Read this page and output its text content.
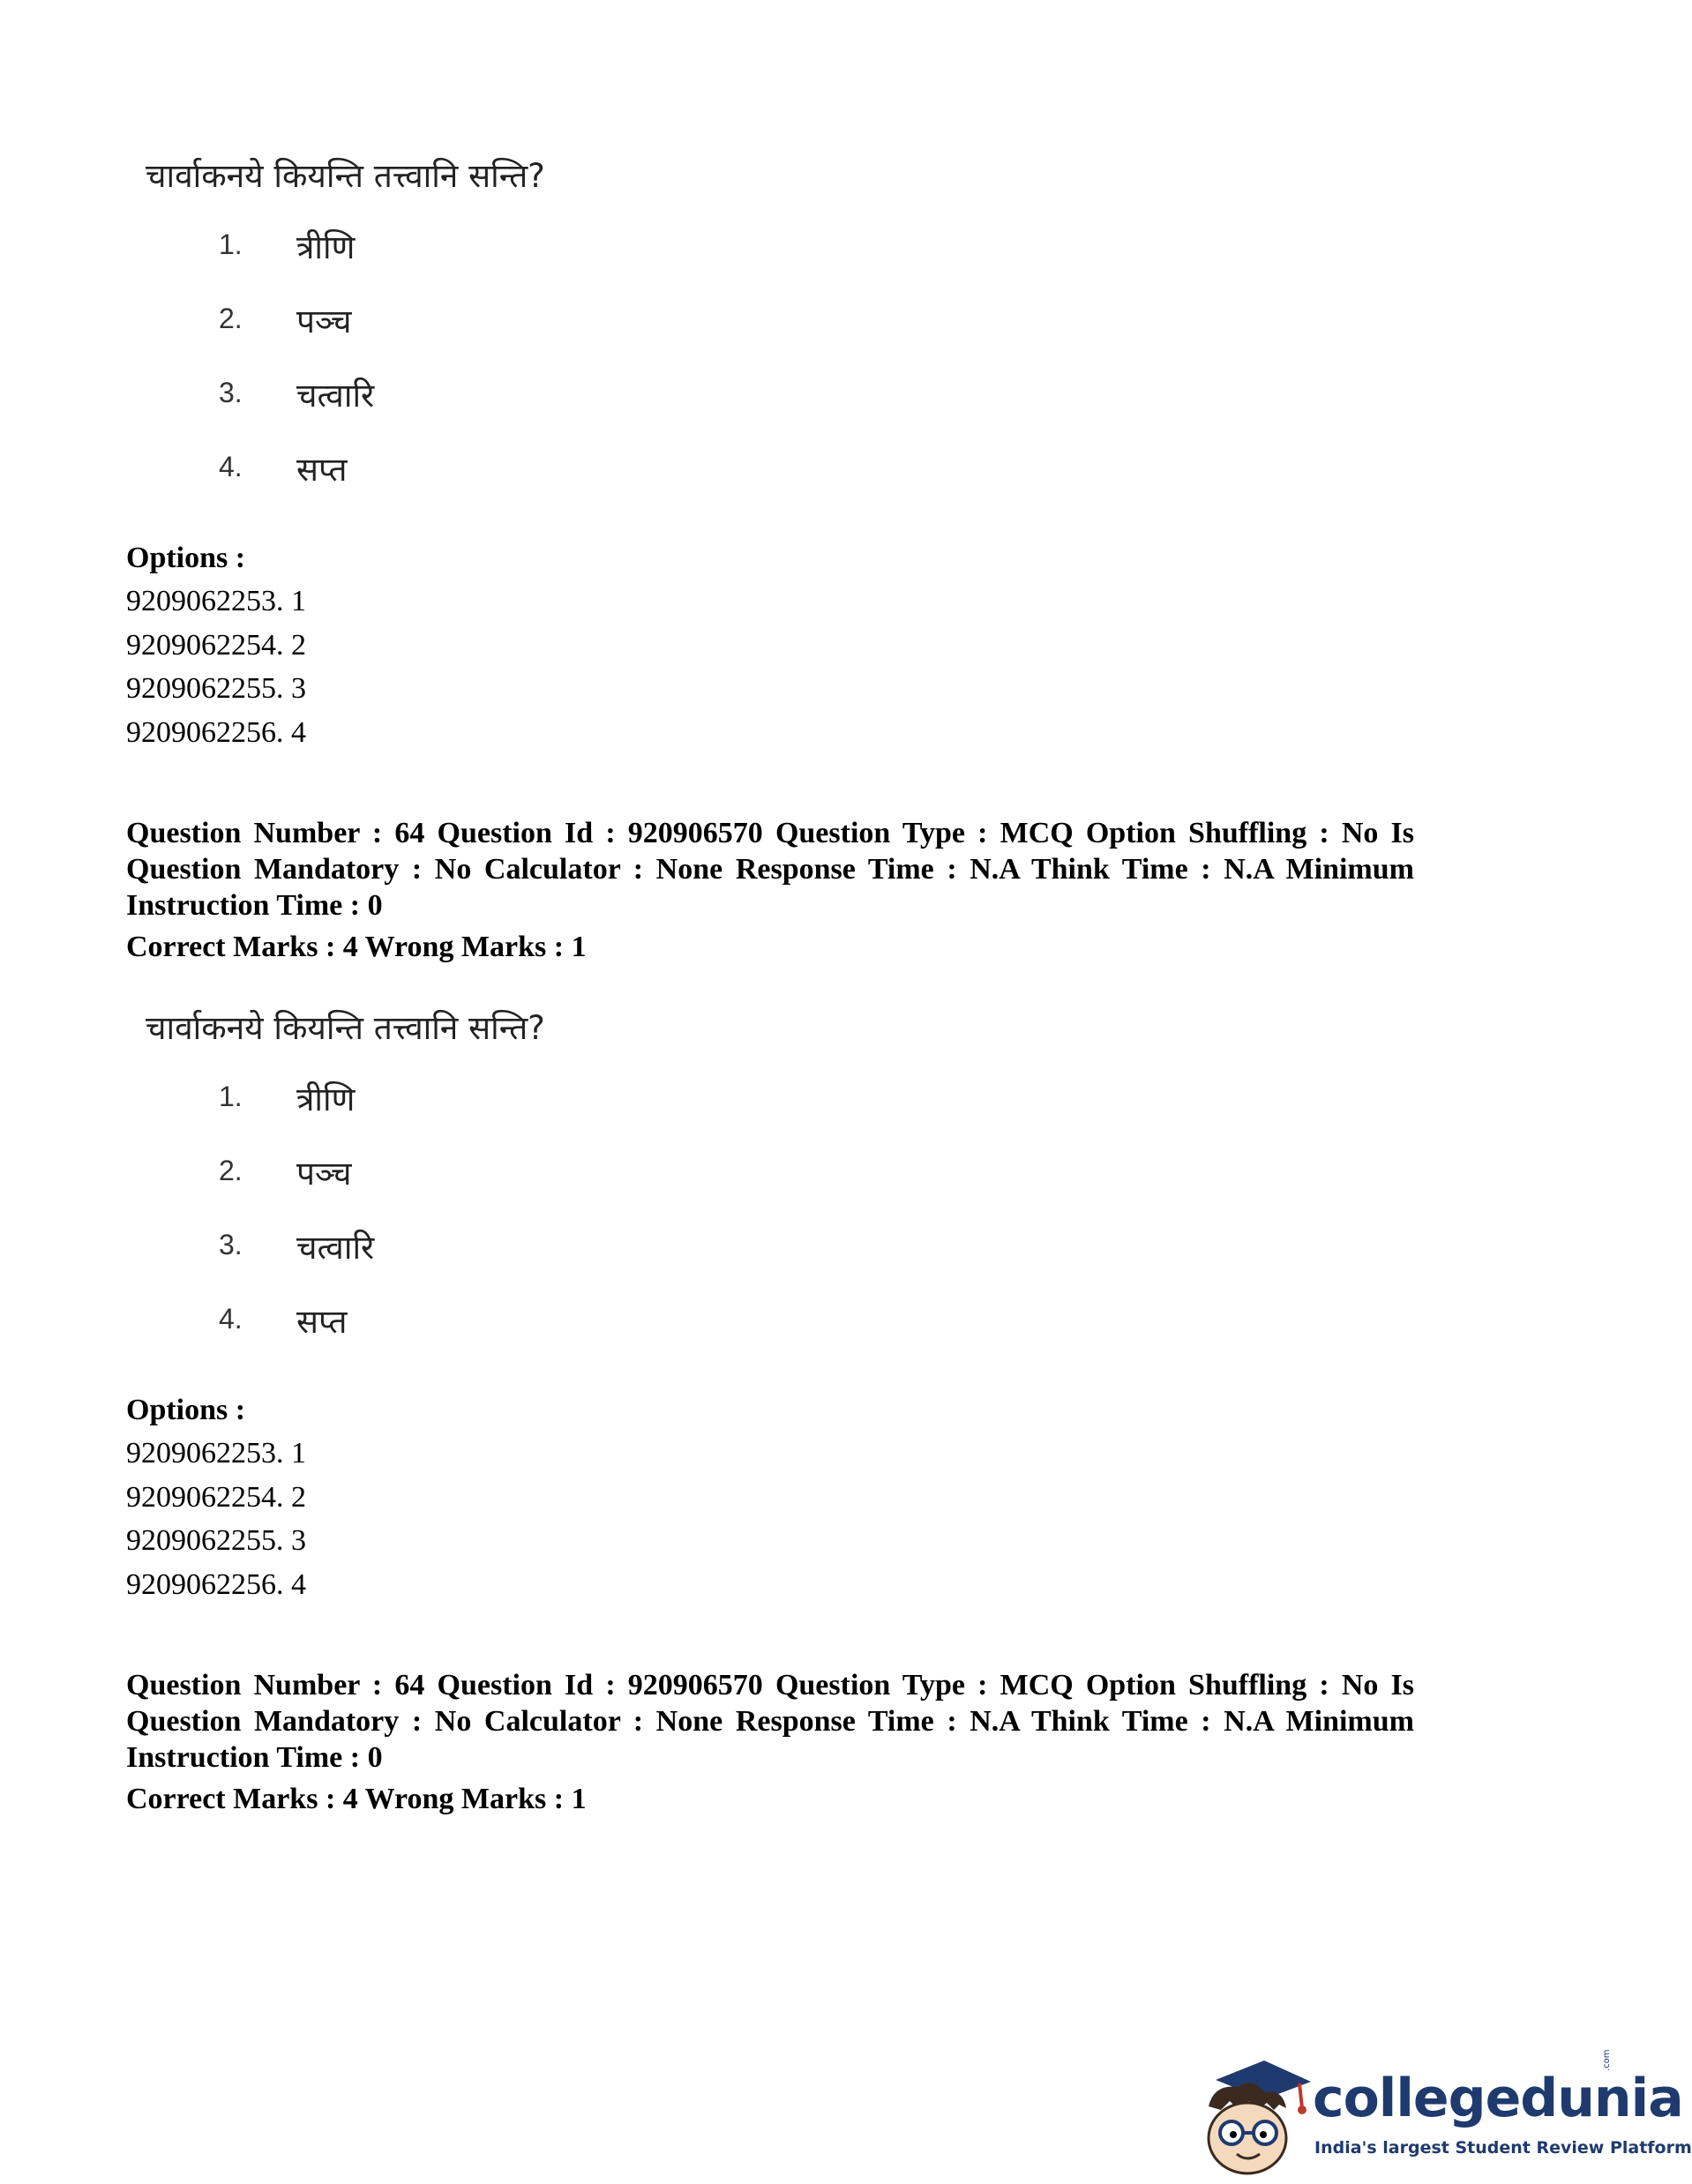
चार्वाकनये कियन्ति तत्त्वानि सन्ति?
1.	त्रीणि
2.	पञ्च
3.	चत्वारि
4.	सप्त
Options :
9209062253. 1
9209062254. 2
9209062255. 3
9209062256. 4
Question Number : 64 Question Id : 920906570 Question Type : MCQ Option Shuffling : No Is Question Mandatory : No Calculator : None Response Time : N.A Think Time : N.A Minimum Instruction Time : 0
Correct Marks : 4 Wrong Marks : 1
चार्वाकनये कियन्ति तत्त्वानि सन्ति?
1.	त्रीणि
2.	पञ्च
3.	चत्वारि
4.	सप्त
Options :
9209062253. 1
9209062254. 2
9209062255. 3
9209062256. 4
Question Number : 64 Question Id : 920906570 Question Type : MCQ Option Shuffling : No Is Question Mandatory : No Calculator : None Response Time : N.A Think Time : N.A Minimum Instruction Time : 0
Correct Marks : 4 Wrong Marks : 1
collegedunia
.com
India's largest Student Review Platform
